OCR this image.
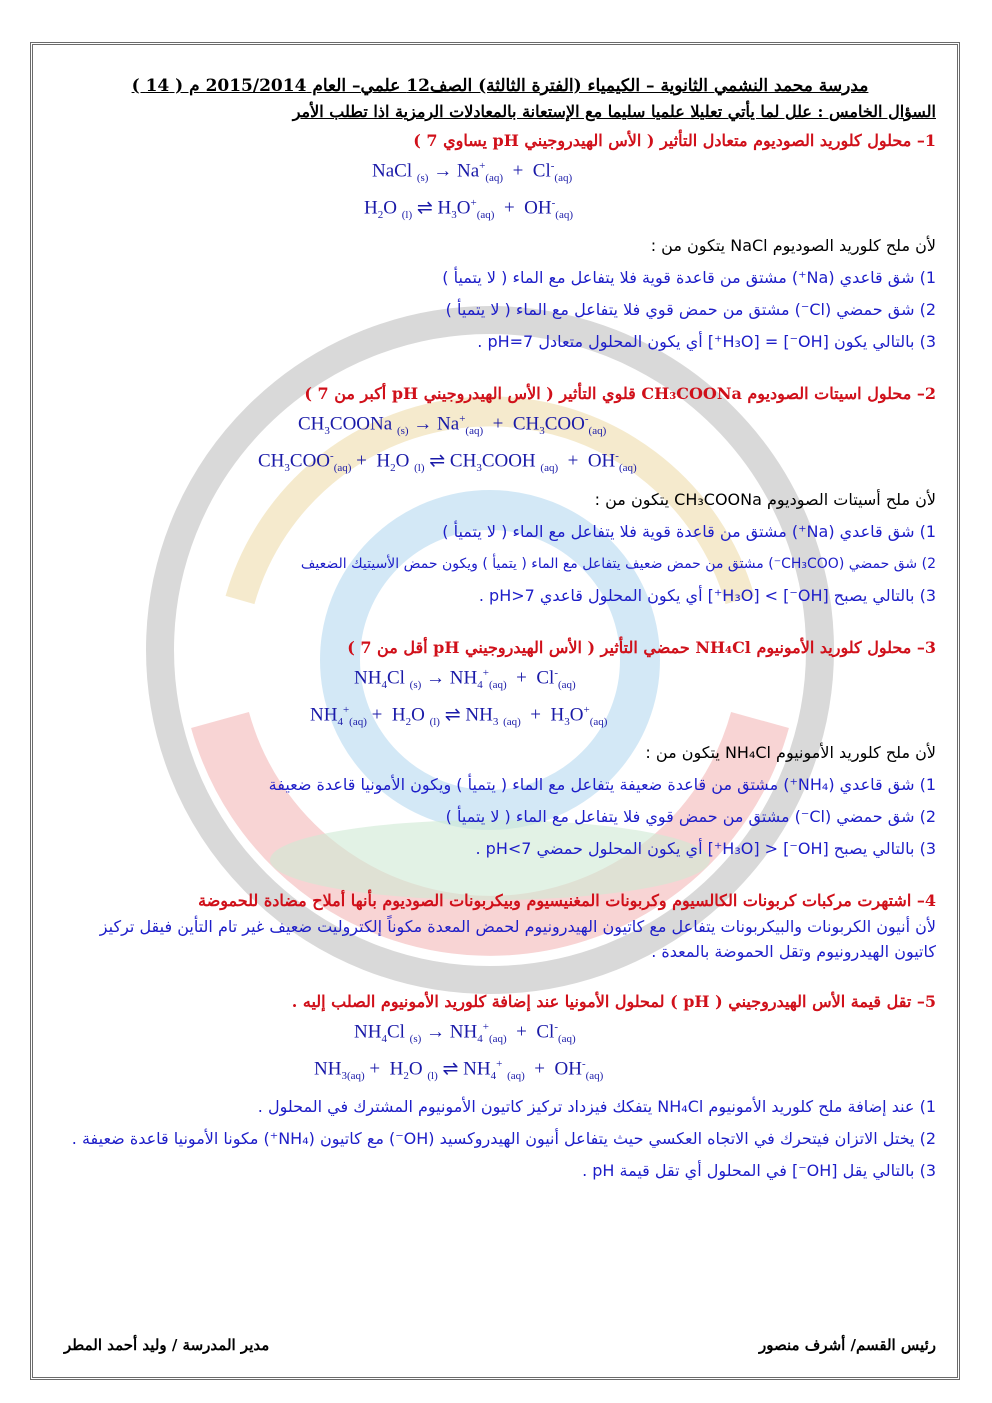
مدرسة محمد النشمي الثانوية – الكيمياء (الفترة الثالثة) الصف12 علمي– العام 2015/2014 م ( 14 )
السؤال الخامس : علل لما يأتي تعليلا علميا سليما مع الإستعانة بالمعادلات الرمزية اذا تطلب الأمر
1– محلول كلوريد الصوديوم متعادل التأثير ( الأس الهيدروجيني pH يساوي 7 )
NaCl $_{(s)} \to Na^+_{(aq)} + Cl^-_{(aq)}$
$H_2O$ $_{(l)}$ ⇌ $H_3O^+_{(aq)} + OH^-_{(aq)}$
لأن ملح كلوريد الصوديوم NaCl يتكون من :
1) شق قاعدي (Na⁺) مشتق من قاعدة قوية فلا يتفاعل مع الماء ( لا يتميأ )
2) شق حمضي (Cl⁻) مشتق من حمض قوي فلا يتفاعل مع الماء ( لا يتميأ )
3) بالتالي يكون [OH⁻] = [H₃O⁺] أي يكون المحلول متعادل pH=7 .
2– محلول اسيتات الصوديوم CH₃COONa قلوي التأثير ( الأس الهيدروجيني pH أكبر من 7 )
$CH_3COONa$ $_{(s)} \to Na^+_{(aq)} + CH_3COO^-_{(aq)}$
$CH_3COO^-_{(aq)} + H_2O$ $_{(l)}$ ⇌ $CH_3COOH$ $_{(aq)} + OH^-_{(aq)}$
لأن ملح أسيتات الصوديوم CH₃COONa يتكون من :
1) شق قاعدي (Na⁺) مشتق من قاعدة قوية فلا يتفاعل مع الماء ( لا يتميأ )
2) شق حمضي (CH₃COO⁻) مشتق من حمض ضعيف يتفاعل مع الماء ( يتميأ ) ويكون حمض الأسيتيك الضعيف
3) بالتالي يصبح [OH⁻] > [H₃O⁺] أي يكون المحلول قاعدي pH>7 .
3– محلول كلوريد الأمونيوم NH₄Cl حمضي التأثير ( الأس الهيدروجيني pH أقل من 7 )
$NH_4Cl$ $_{(s)} \to NH_4^+_{(aq)} + Cl^-_{(aq)}$
$NH_4^+_{(aq)} + H_2O$ $_{(l)}$ ⇌ $NH_3$ $_{(aq)} + H_3O^+_{(aq)}$
لأن ملح كلوريد الأمونيوم NH₄Cl يتكون من :
1) شق قاعدي (NH₄⁺) مشتق من قاعدة ضعيفة يتفاعل مع الماء ( يتميأ ) ويكون الأمونيا قاعدة ضعيفة
2) شق حمضي (Cl⁻) مشتق من حمض قوي فلا يتفاعل مع الماء ( لا يتميأ )
3) بالتالي يصبح [OH⁻] < [H₃O⁺] أي يكون المحلول حمضي pH<7 .
4– اشتهرت مركبات كربونات الكالسيوم وكربونات المغنيسيوم وبيكربونات الصوديوم بأنها أملاح مضادة للحموضة
لأن أنيون الكربونات والبيكربونات يتفاعل مع كاتيون الهيدرونيوم لحمض المعدة مكوناً إلكتروليت ضعيف غير تام التأين فيقل تركيز كاتيون الهيدرونيوم وتقل الحموضة بالمعدة .
5– تقل قيمة الأس الهيدروجيني ( pH ) لمحلول الأمونيا عند إضافة كلوريد الأمونيوم الصلب إليه .
$NH_4Cl$ $_{(s)} \to NH_4^+_{(aq)} + Cl^-_{(aq)}$
$NH_{3(aq)} + H_2O$ $_{(l)}$ ⇌ $NH_4^+$ $_{(aq)} + OH^-_{(aq)}$
1) عند إضافة ملح كلوريد الأمونيوم NH₄Cl يتفكك فيزداد تركيز كاتيون الأمونيوم المشترك في المحلول .
2) يختل الاتزان فيتحرك في الاتجاه العكسي حيث يتفاعل أنيون الهيدروكسيد (OH⁻) مع كاتيون (NH₄⁺) مكونا الأمونيا قاعدة ضعيفة .
3) بالتالي يقل [OH⁻] في المحلول أي تقل قيمة pH .
رئيس القسم/ أشرف منصور
مدير المدرسة / وليد أحمد المطر
